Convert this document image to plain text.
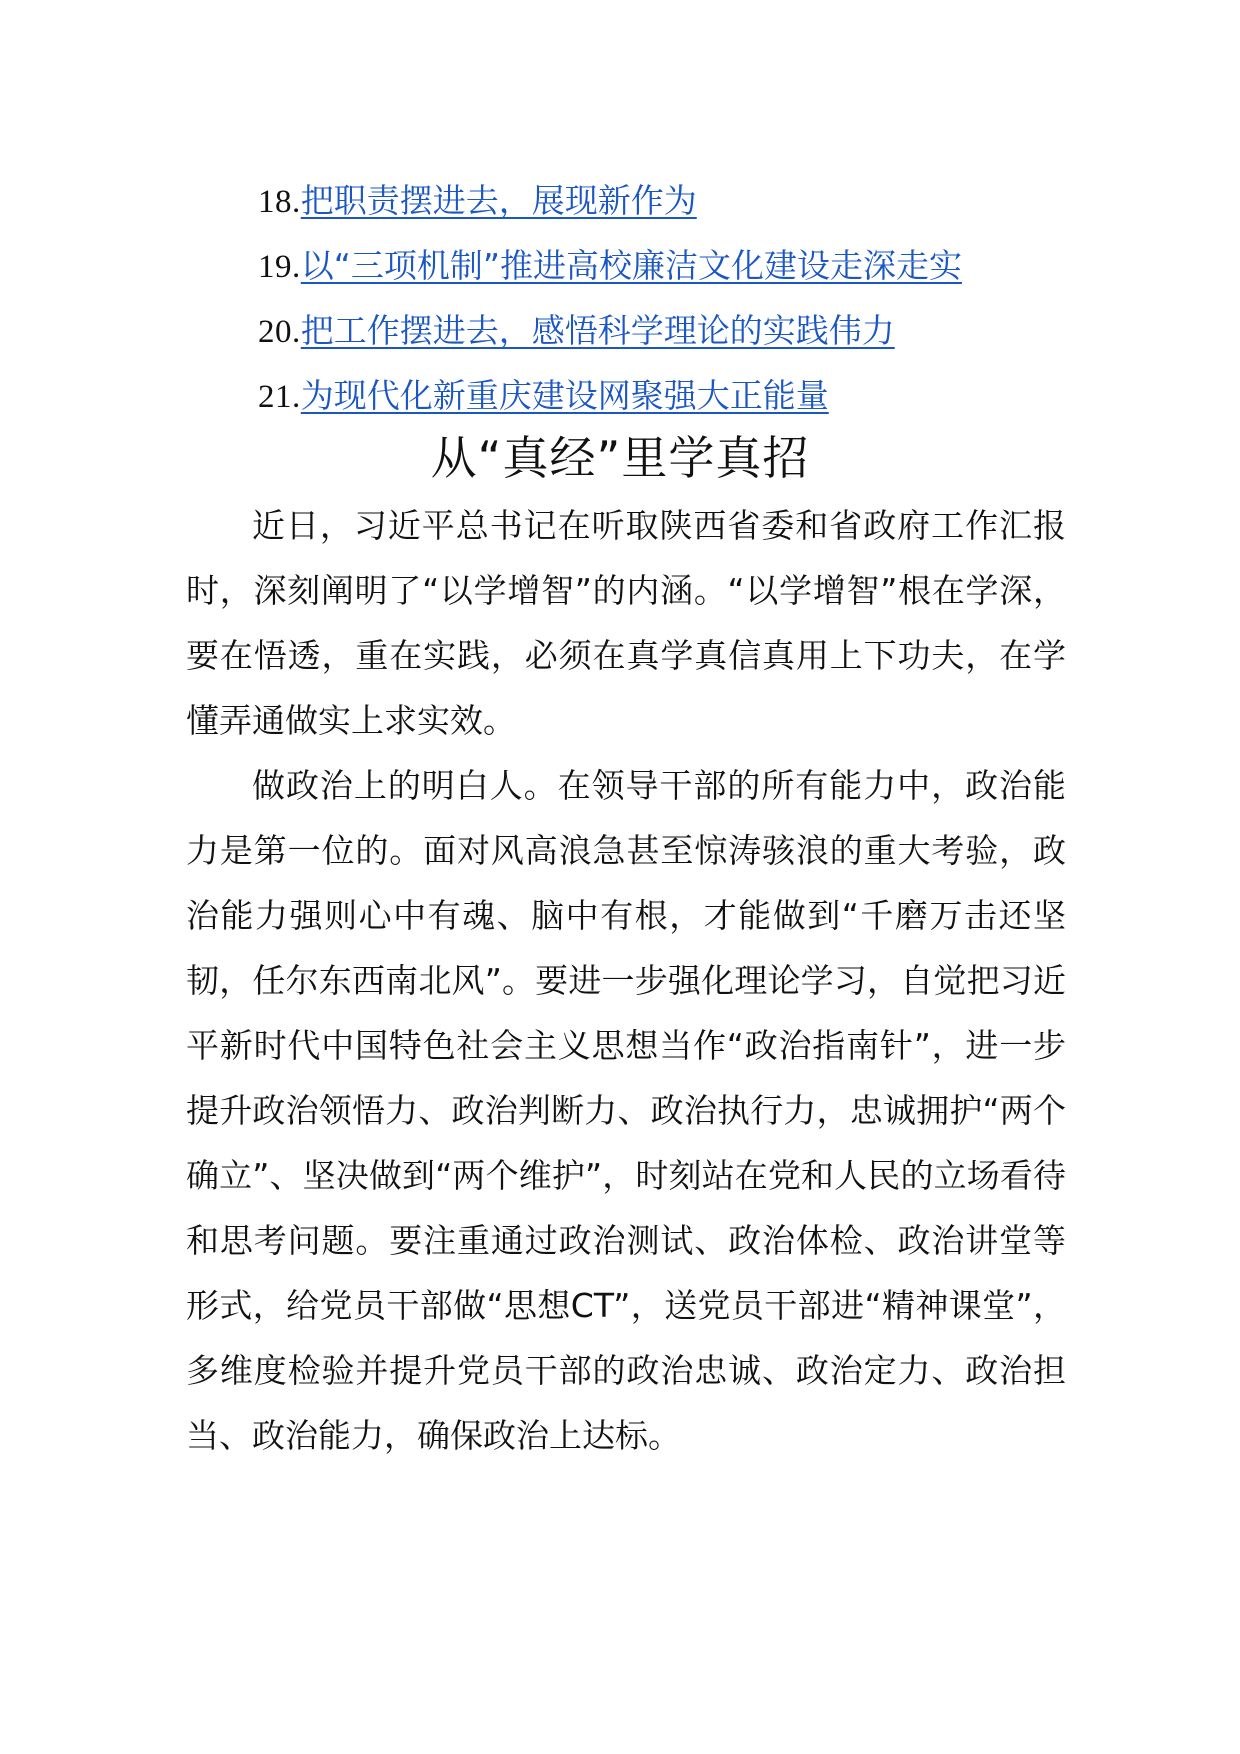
18.把职责摆进去，展现新作为
19.以“三项机制”推进高校廉洁文化建设走深走实
20.把工作摆进去，感悟科学理论的实践伟力
21.为现代化新重庆建设网聚强大正能量
从“真经”里学真招

近日，习近平总书记在听取陕西省委和省政府工作汇报时，深刻阐明了“以学增智”的内涵。“以学增智”根在学深，要在悟透，重在实践，必须在真学真信真用上下功夫，在学懂弄通做实上求实效。

做政治上的明白人。在领导干部的所有能力中，政治能力是第一位的。面对风高浪急甚至惊涛骇浪的重大考验，政治能力强则心中有魂、脑中有根，才能做到“千磨万击还坚韧，任尔东西南北风”。要进一步强化理论学习，自觉把习近平新时代中国特色社会主义思想当作“政治指南针”，进一步提升政治领悟力、政治判断力、政治执行力，忠诚拥护“两个确立”、坚决做到“两个维护”，时刻站在党和人民的立场看待和思考问题。要注重通过政治测试、政治体检、政治讲堂等形式，给党员干部做“思想CT”，送党员干部进“精神课堂”，多维度检验并提升党员干部的政治忠诚、政治定力、政治担当、政治能力，确保政治上达标。
